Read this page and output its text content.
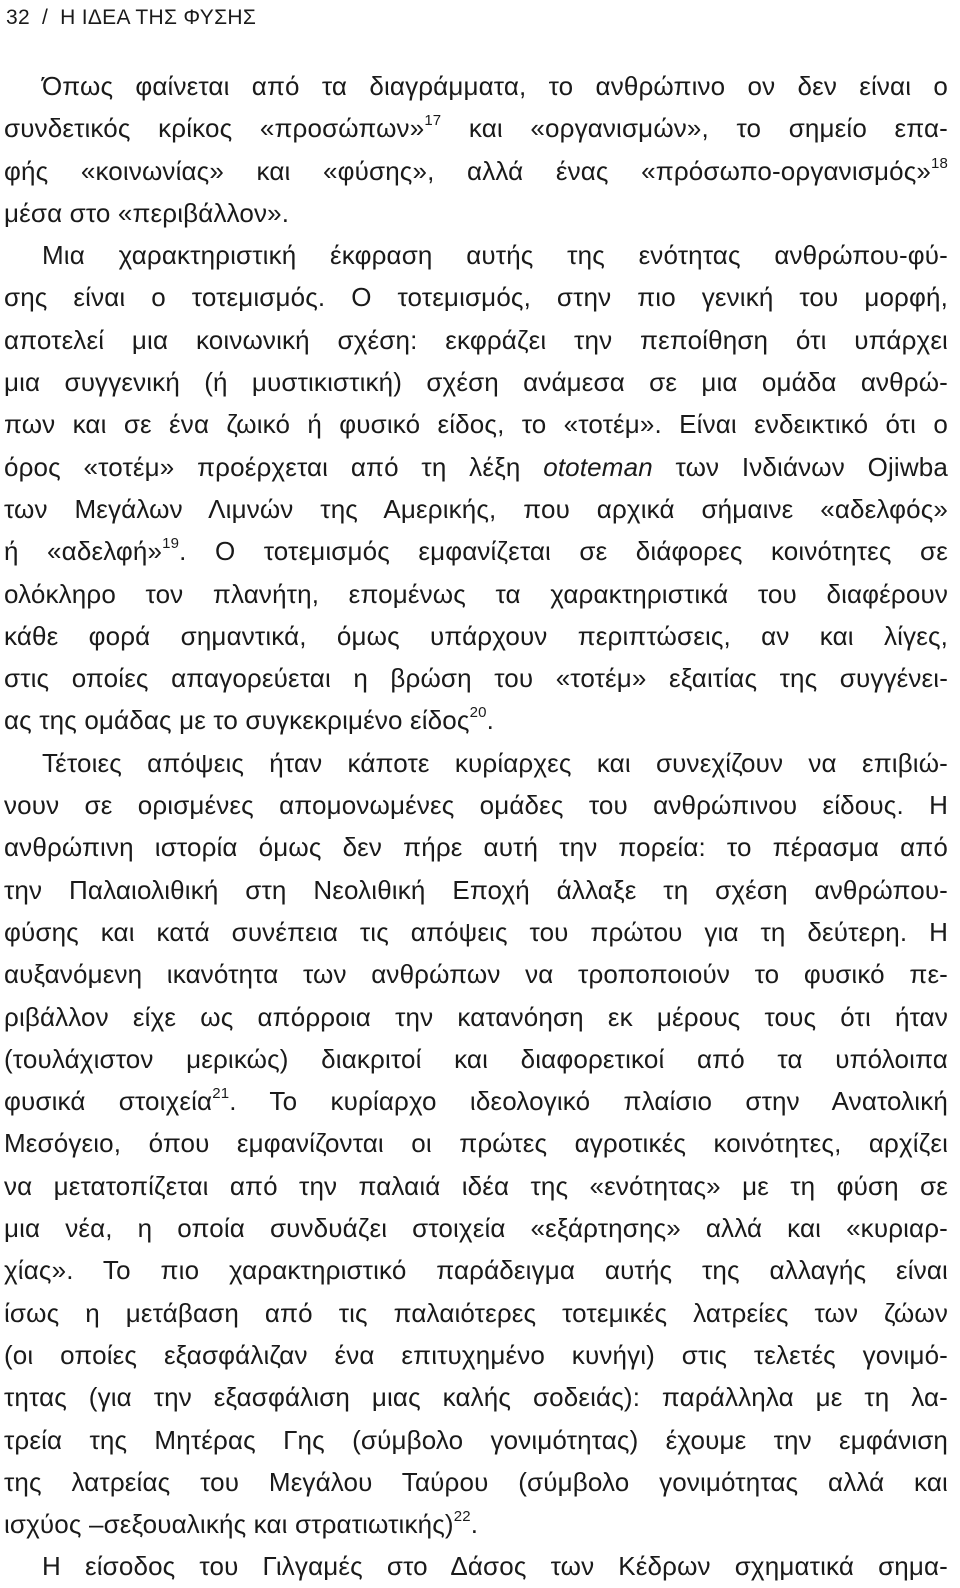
32 / Η ΙΔΕΑ ΤΗΣ ΦΥΣΗΣ
Όπως φαίνεται από τα διαγράμματα, το ανθρώπινο ον δεν είναι ο
συνδετικός κρίκος «προσώπων»$^{17}$ και «οργανισμών», το σημείο επα-
φής «κοινωνίας» και «φύσης», αλλά ένας «πρόσωπο-οργανισμός»$^{18}$
μέσα στο «περιβάλλον».
Μια χαρακτηριστική έκφραση αυτής της ενότητας ανθρώπου-φύ-
σης είναι ο τοτεμισμός. Ο τοτεμισμός, στην πιο γενική του μορφή,
αποτελεί μια κοινωνική σχέση: εκφράζει την πεποίθηση ότι υπάρχει
μια συγγενική (ή μυστικιστική) σχέση ανάμεσα σε μια ομάδα ανθρώ-
πων και σε ένα ζωικό ή φυσικό είδος, το «τοτέμ». Είναι ενδεικτικό ότι ο
όρος «τοτέμ» προέρχεται από τη λέξη ototeman των Ινδιάνων Ojiwba
των Μεγάλων Λιμνών της Αμερικής, που αρχικά σήμαινε «αδελφός»
ή «αδελφή»$^{19}$. Ο τοτεμισμός εμφανίζεται σε διάφορες κοινότητες σε
ολόκληρο τον πλανήτη, επομένως τα χαρακτηριστικά του διαφέρουν
κάθε φορά σημαντικά, όμως υπάρχουν περιπτώσεις, αν και λίγες,
στις οποίες απαγορεύεται η βρώση του «τοτέμ» εξαιτίας της συγγένει-
ας της ομάδας με το συγκεκριμένο είδος$^{20}$.
Τέτοιες απόψεις ήταν κάποτε κυρίαρχες και συνεχίζουν να επιβιώ-
νουν σε ορισμένες απομονωμένες ομάδες του ανθρώπινου είδους. Η
ανθρώπινη ιστορία όμως δεν πήρε αυτή την πορεία: το πέρασμα από
την Παλαιολιθική στη Νεολιθική Εποχή άλλαξε τη σχέση ανθρώπου-
φύσης και κατά συνέπεια τις απόψεις του πρώτου για τη δεύτερη. Η
αυξανόμενη ικανότητα των ανθρώπων να τροποποιούν το φυσικό πε-
ριβάλλον είχε ως απόρροια την κατανόηση εκ μέρους τους ότι ήταν
(τουλάχιστον μερικώς) διακριτοί και διαφορετικοί από τα υπόλοιπα
φυσικά στοιχεία$^{21}$. Το κυρίαρχο ιδεολογικό πλαίσιο στην Ανατολική
Μεσόγειο, όπου εμφανίζονται οι πρώτες αγροτικές κοινότητες, αρχίζει
να μετατοπίζεται από την παλαιά ιδέα της «ενότητας» με τη φύση σε
μια νέα, η οποία συνδυάζει στοιχεία «εξάρτησης» αλλά και «κυριαρ-
χίας». Το πιο χαρακτηριστικό παράδειγμα αυτής της αλλαγής είναι
ίσως η μετάβαση από τις παλαιότερες τοτεμικές λατρείες των ζώων
(οι οποίες εξασφάλιζαν ένα επιτυχημένο κυνήγι) στις τελετές γονιμό-
τητας (για την εξασφάλιση μιας καλής σοδειάς): παράλληλα με τη λα-
τρεία της Μητέρας Γης (σύμβολο γονιμότητας) έχουμε την εμφάνιση
της λατρείας του Μεγάλου Ταύρου (σύμβολο γονιμότητας αλλά και
ισχύος –σεξουαλικής και στρατιωτικής)$^{22}$.
Η είσοδος του Γιλγαμές στο Δάσος των Κέδρων σχηματικά σημα-
